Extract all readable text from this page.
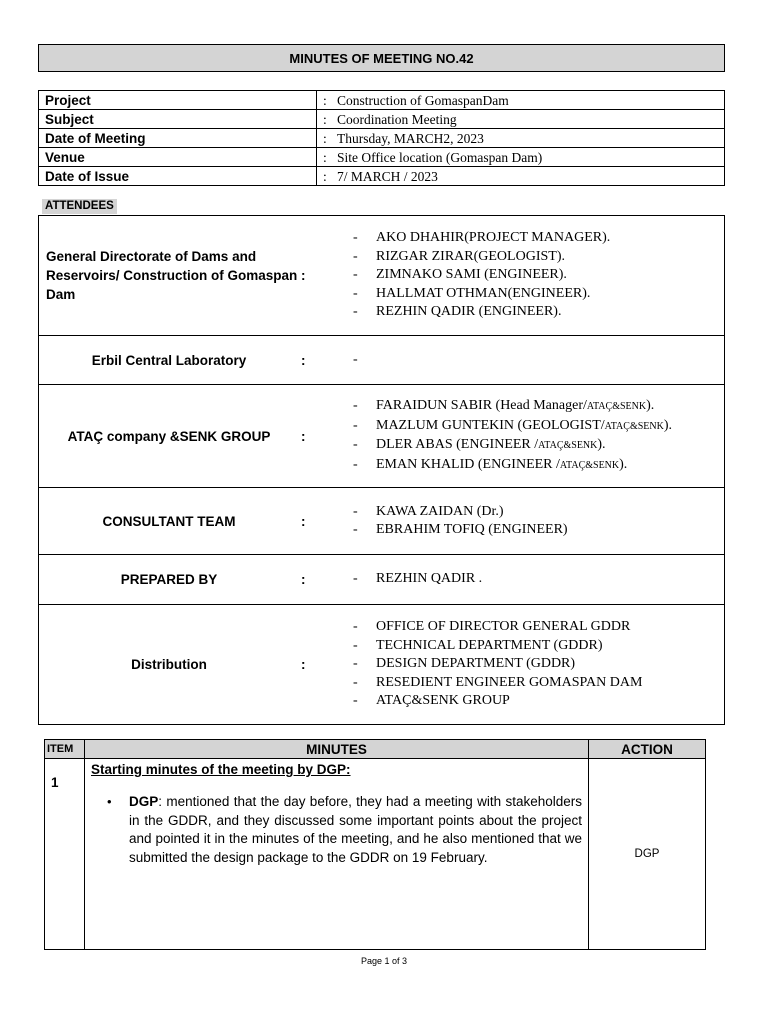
MINUTES OF MEETING NO.42
Project	: Construction of GomaspanDam
Subject	: Coordination Meeting
Date of Meeting	: Thursday, MARCH2, 2023
Venue	: Site Office location (Gomaspan Dam)
Date of Issue	: 7/ MARCH / 2023
ATTENDEES
General Directorate of Dams and Reservoirs/ Construction of Gomaspan Dam
:
- AKO DHAHIR(PROJECT MANAGER).
- RIZGAR ZIRAR(GEOLOGIST).
- ZIMNAKO SAMI (ENGINEER).
- HALLMAT OTHMAN(ENGINEER).
- REZHIN QADIR (ENGINEER).
Erbil Central Laboratory	:	-
ATAÇ company &SENK GROUP	:
- FARAIDUN SABIR (Head Manager/ATAÇ&SENK).
- MAZLUM GUNTEKIN (GEOLOGIST/ATAÇ&SENK).
- DLER ABAS (ENGINEER /ATAÇ&SENK).
- EMAN KHALID (ENGINEER /ATAÇ&SENK).
CONSULTANT TEAM	:
- KAWA ZAIDAN (Dr.)
- EBRAHIM TOFIQ (ENGINEER)
PREPARED BY	:	- REZHIN QADIR .
Distribution	:
- OFFICE OF DIRECTOR GENERAL GDDR
- TECHNICAL DEPARTMENT (GDDR)
- DESIGN DEPARTMENT (GDDR)
- RESEDIENT ENGINEER GOMASPAN DAM
- ATAÇ&SENK GROUP
ITEM	MINUTES	ACTION

1	Starting minutes of the meeting by DGP:
• DGP: mentioned that the day before, they had a meeting with stakeholders in the GDDR, and they discussed some important points about the project and pointed it in the minutes of the meeting, and he also mentioned that we submitted the design package to the GDDR on 19 February.	DGP
Page 1 of 3
